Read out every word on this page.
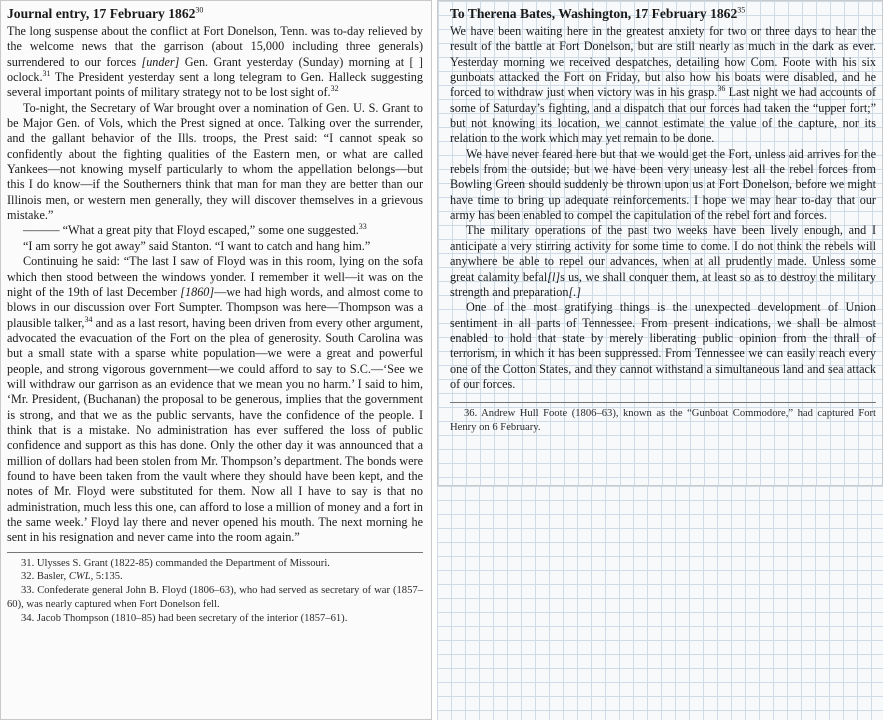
Journal entry, 17 February 1862$^{30}$

The long suspense about the conflict at Fort Donelson, Tenn. was to-day relieved by the welcome news that the garrison (about 15,000 including three generals) surrendered to our forces [under] Gen. Grant yesterday (Sunday) morning at [ ] oclock.$^{31}$ The President yesterday sent a long telegram to Gen. Halleck suggesting several important points of military strategy not to be lost sight of.$^{32}$

To-night, the Secretary of War brought over a nomination of Gen. U. S. Grant to be Major Gen. of Vols, which the Prest signed at once. Talking over the surrender, and the gallant behavior of the Ills. troops, the Prest said: “I cannot speak so confidently about the fighting qualities of the Eastern men, or what are called Yankees—not knowing myself particularly to whom the appellation belongs—but this I do know—if the Southerners think that man for man they are better than our Illinois men, or western men generally, they will discover themselves in a grievous mistake.”

——— “What a great pity that Floyd escaped,” some one suggested.$^{33}$

“I am sorry he got away” said Stanton. “I want to catch and hang him.”

Continuing he said: “The last I saw of Floyd was in this room, lying on the sofa which then stood between the windows yonder. I remember it well—it was on the night of the 19th of last December [1860]—we had high words, and almost come to blows in our discussion over Fort Sumpter. Thompson was here—Thompson was a plausible talker,$^{34}$ and as a last resort, having been driven from every other argument, advocated the evacuation of the Fort on the plea of generosity. South Carolina was but a small state with a sparse white population—we were a great and powerful people, and strong vigorous government—we could afford to say to S.C.—‘See we will withdraw our garrison as an evidence that we mean you no harm.’ I said to him, ‘Mr. President, (Buchanan) the proposal to be generous, implies that the government is strong, and that we as the public servants, have the confidence of the people. I think that is a mistake. No administration has ever suffered the loss of public confidence and support as this has done. Only the other day it was announced that a million of dollars had been stolen from Mr. Thompson’s department. The bonds were found to have been taken from the vault where they should have been kept, and the notes of Mr. Floyd were substituted for them. Now all I have to say is that no administration, much less this one, can afford to lose a million of money and a fort in the same week.’ Floyd lay there and never opened his mouth. The next morning he sent in his resignation and never came into the room again.”

31. Ulysses S. Grant (1822-85) commanded the Department of Missouri.

32. Basler, CWL, 5:135.

33. Confederate general John B. Floyd (1806–63), who had served as secretary of war (1857–60), was nearly captured when Fort Donelson fell.

34. Jacob Thompson (1810–85) had been secretary of the interior (1857–61).

To Therena Bates, Washington, 17 February 1862$^{35}$

We have been waiting here in the greatest anxiety for two or three days to hear the result of the battle at Fort Donelson, but are still nearly as much in the dark as ever. Yesterday morning we received despatches, detailing how Com. Foote with his six gunboats attacked the Fort on Friday, but also how his boats were disabled, and he forced to withdraw just when victory was in his grasp.$^{36}$ Last night we had accounts of some of Saturday’s fighting, and a dispatch that our forces had taken the “upper fort;” but not knowing its location, we cannot estimate the value of the capture, nor its relation to the work which may yet remain to be done.

We have never feared here but that we would get the Fort, unless aid arrives for the rebels from the outside; but we have been very uneasy lest all the rebel forces from Bowling Green should suddenly be thrown upon us at Fort Donelson, before we might have time to bring up adequate reinforcements. I hope we may hear to-day that our army has been enabled to compel the capitulation of the rebel fort and forces.

The military operations of the past two weeks have been lively enough, and I anticipate a very stirring activity for some time to come. I do not think the rebels will anywhere be able to repel our advances, when at all prudently made. Unless some great calamity befal[l]s us, we shall conquer them, at least so as to destroy the military strength and preparation[.]

One of the most gratifying things is the unexpected development of Union sentiment in all parts of Tennessee. From present indications, we shall be almost enabled to hold that state by merely liberating public opinion from the thrall of terrorism, in which it has been suppressed. From Tennessee we can easily reach every one of the Cotton States, and they cannot withstand a simultaneous land and sea attack of our forces.

36. Andrew Hull Foote (1806–63), known as the “Gunboat Commodore,” had captured Fort Henry on 6 February.
